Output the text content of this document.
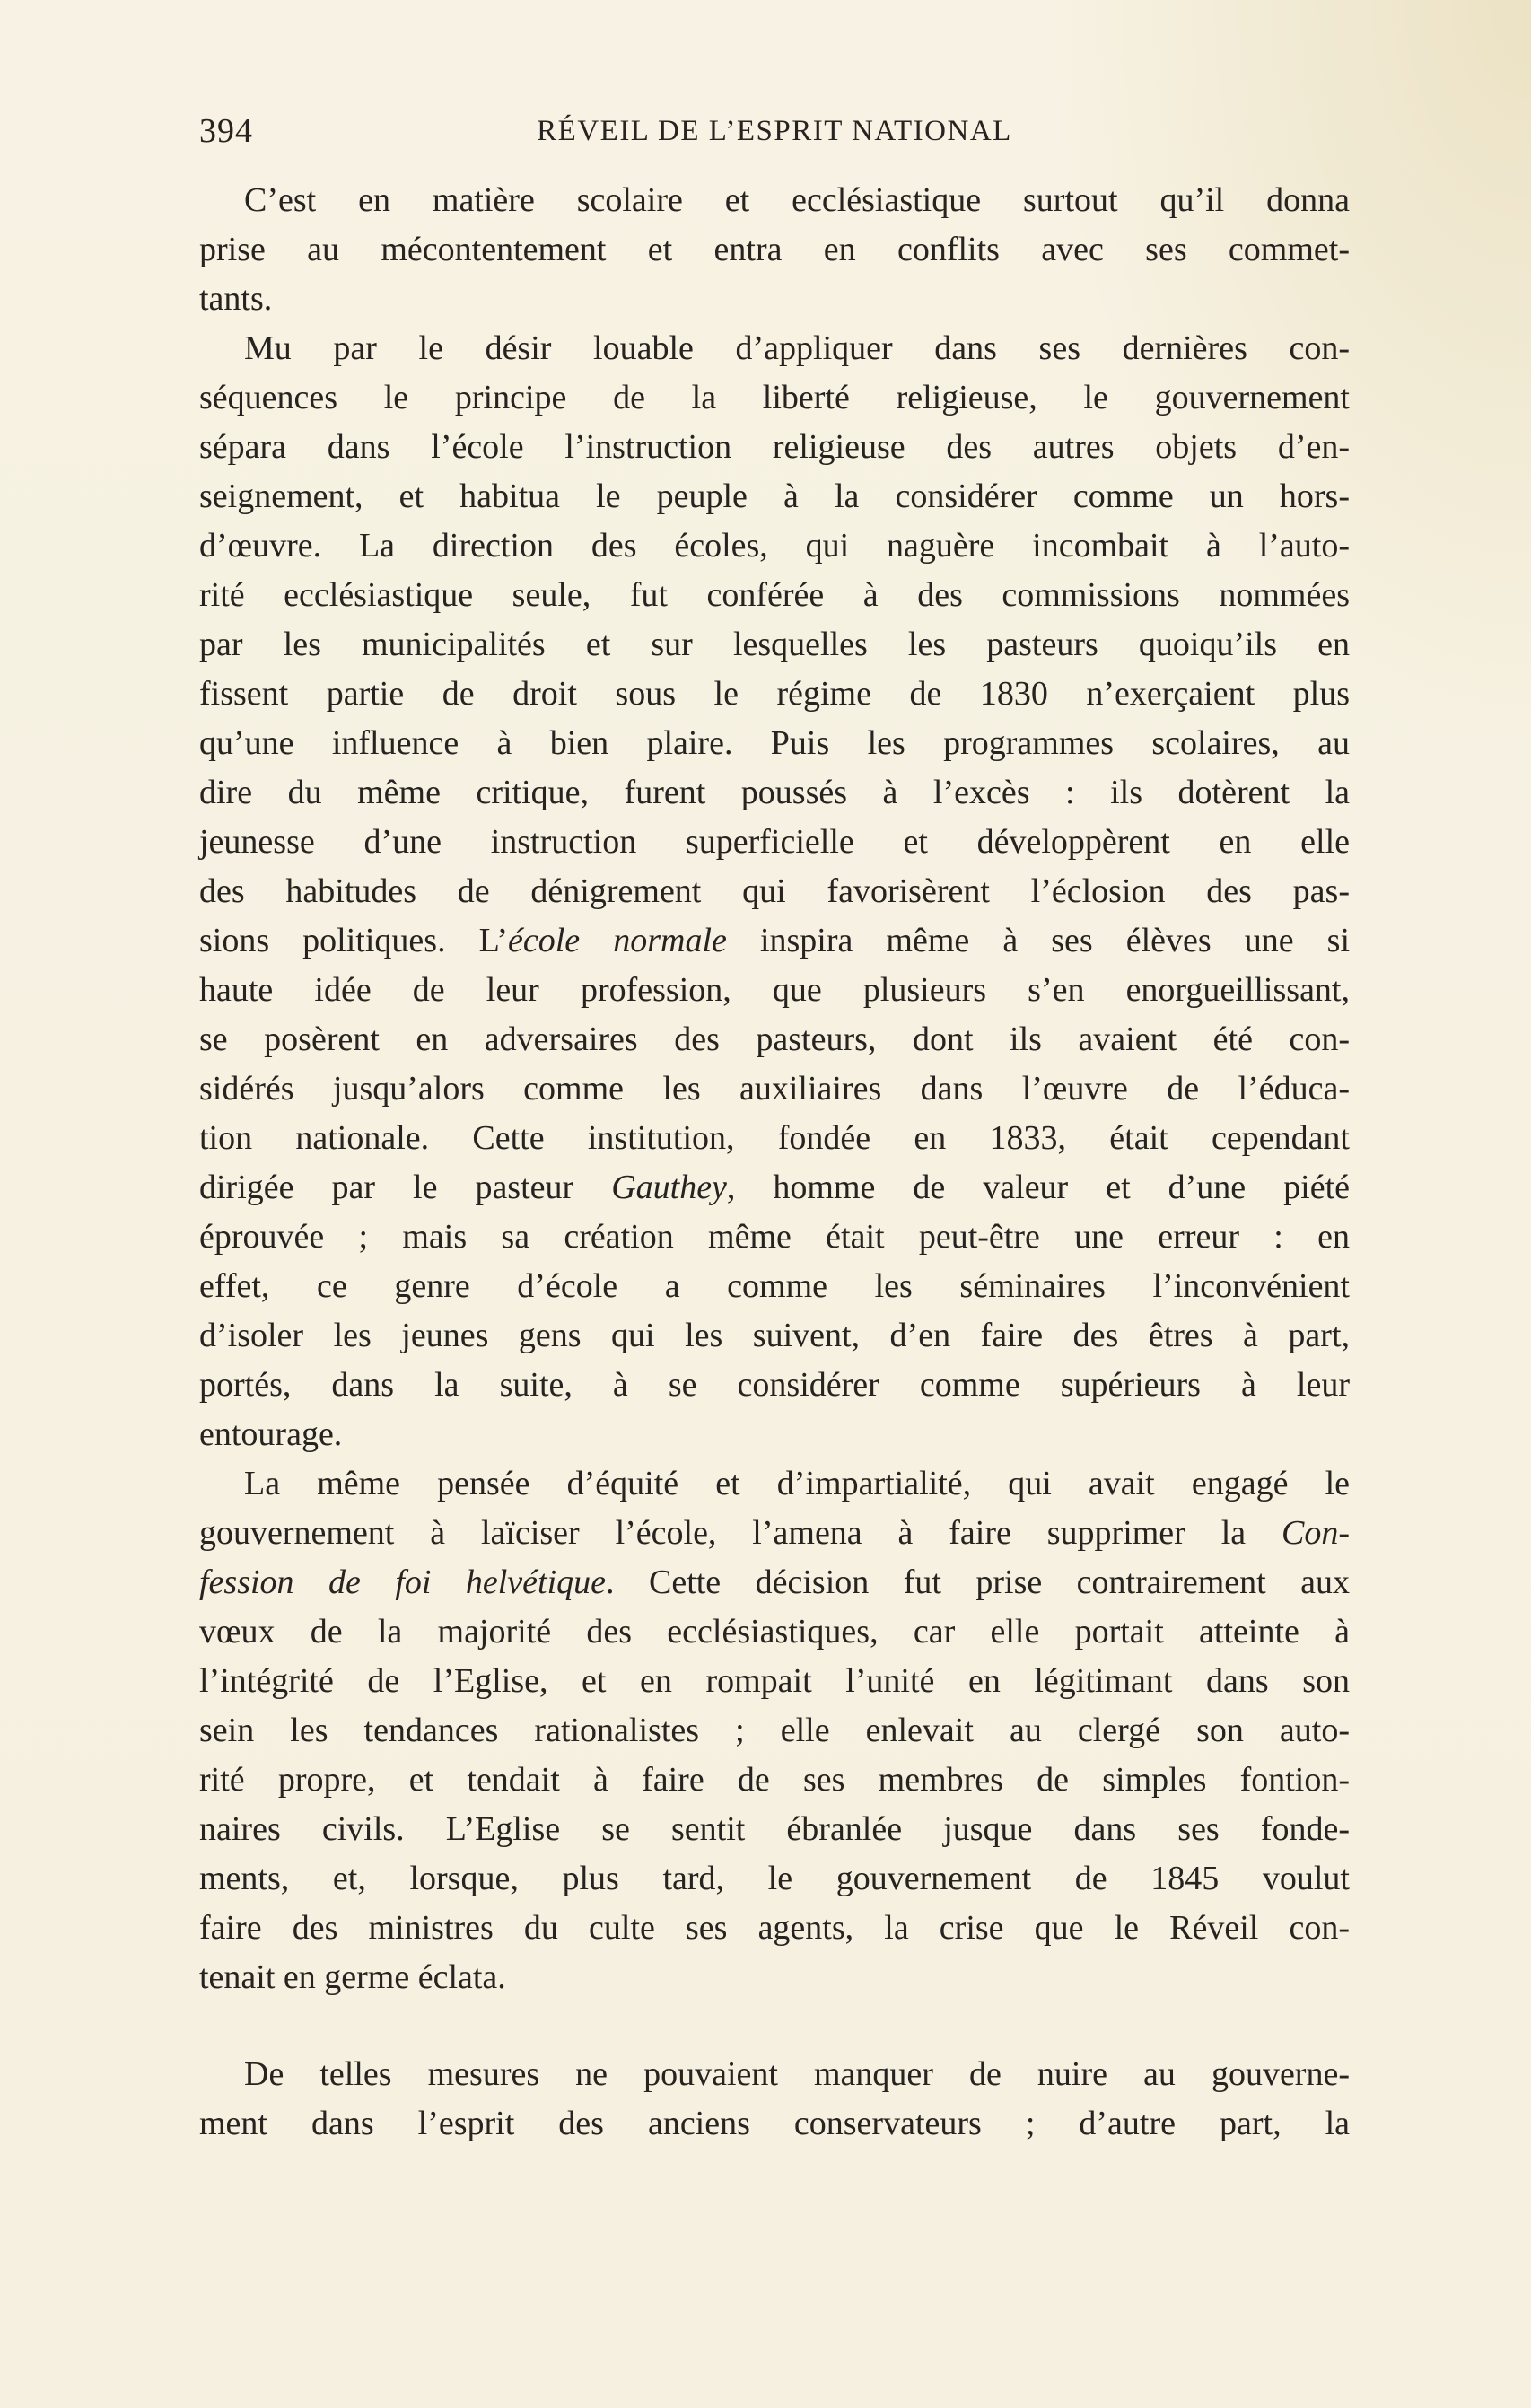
394	RÉVEIL DE L’ESPRIT NATIONAL
C’est en matière scolaire et ecclésiastique surtout qu’il donna
prise au mécontentement et entra en conflits avec ses commet-
tants.
Mu par le désir louable d’appliquer dans ses dernières con-
séquences le principe de la liberté religieuse, le gouvernement
sépara dans l’école l’instruction religieuse des autres objets d’en-
seignement, et habitua le peuple à la considérer comme un hors-
d’œuvre. La direction des écoles, qui naguère incombait à l’auto-
rité ecclésiastique seule, fut conférée à des commissions nommées
par les municipalités et sur lesquelles les pasteurs quoiqu’ils en
fissent partie de droit sous le régime de 1830 n’exerçaient plus
qu’une influence à bien plaire. Puis les programmes scolaires, au
dire du même critique, furent poussés à l’excès : ils dotèrent la
jeunesse d’une instruction superficielle et développèrent en elle
des habitudes de dénigrement qui favorisèrent l’éclosion des pas-
sions politiques. L’école normale inspira même à ses élèves une si
haute idée de leur profession, que plusieurs s’en enorgueillissant,
se posèrent en adversaires des pasteurs, dont ils avaient été con-
sidérés jusqu’alors comme les auxiliaires dans l’œuvre de l’éduca-
tion nationale. Cette institution, fondée en 1833, était cependant
dirigée par le pasteur Gauthey, homme de valeur et d’une piété
éprouvée ; mais sa création même était peut-être une erreur : en
effet, ce genre d’école a comme les séminaires l’inconvénient
d’isoler les jeunes gens qui les suivent, d’en faire des êtres à part,
portés, dans la suite, à se considérer comme supérieurs à leur
entourage.
La même pensée d’équité et d’impartialité, qui avait engagé le
gouvernement à laïciser l’école, l’amena à faire supprimer la Con-
fession de foi helvétique. Cette décision fut prise contrairement aux
vœux de la majorité des ecclésiastiques, car elle portait atteinte à
l’intégrité de l’Eglise, et en rompait l’unité en légitimant dans son
sein les tendances rationalistes ; elle enlevait au clergé son auto-
rité propre, et tendait à faire de ses membres de simples fontion-
naires civils. L’Eglise se sentit ébranlée jusque dans ses fonde-
ments, et, lorsque, plus tard, le gouvernement de 1845 voulut
faire des ministres du culte ses agents, la crise que le Réveil con-
tenait en germe éclata.
De telles mesures ne pouvaient manquer de nuire au gouverne-
ment dans l’esprit des anciens conservateurs ; d’autre part, la
